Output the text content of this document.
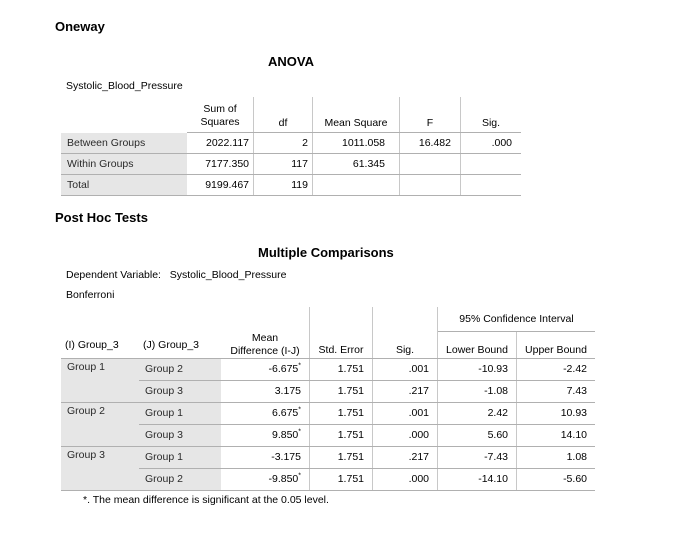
Oneway
ANOVA
Systolic_Blood_Pressure
	Sum of
Squares	df	Mean Square	F	Sig.
Between Groups	2022.117	2	1011.058	16.482	.000
Within Groups	7177.350	117	61.345		
Total	9199.467	119			
Post Hoc Tests
Multiple Comparisons
Dependent Variable: Systolic_Blood_Pressure
Bonferroni
					95% Confidence Interval	
(I) Group_3	(J) Group_3	Mean
Difference (I-J)	Std. Error	Sig.	Lower Bound	Upper Bound
Group 1	Group 2	-6.675*	1.751	.001	-10.93	-2.42
	Group 3	3.175	1.751	.217	-1.08	7.43
Group 2	Group 1	6.675*	1.751	.001	2.42	10.93
	Group 3	9.850*	1.751	.000	5.60	14.10
Group 3	Group 1	-3.175	1.751	.217	-7.43	1.08
	Group 2	-9.850*	1.751	.000	-14.10	-5.60
*. The mean difference is significant at the 0.05 level.
